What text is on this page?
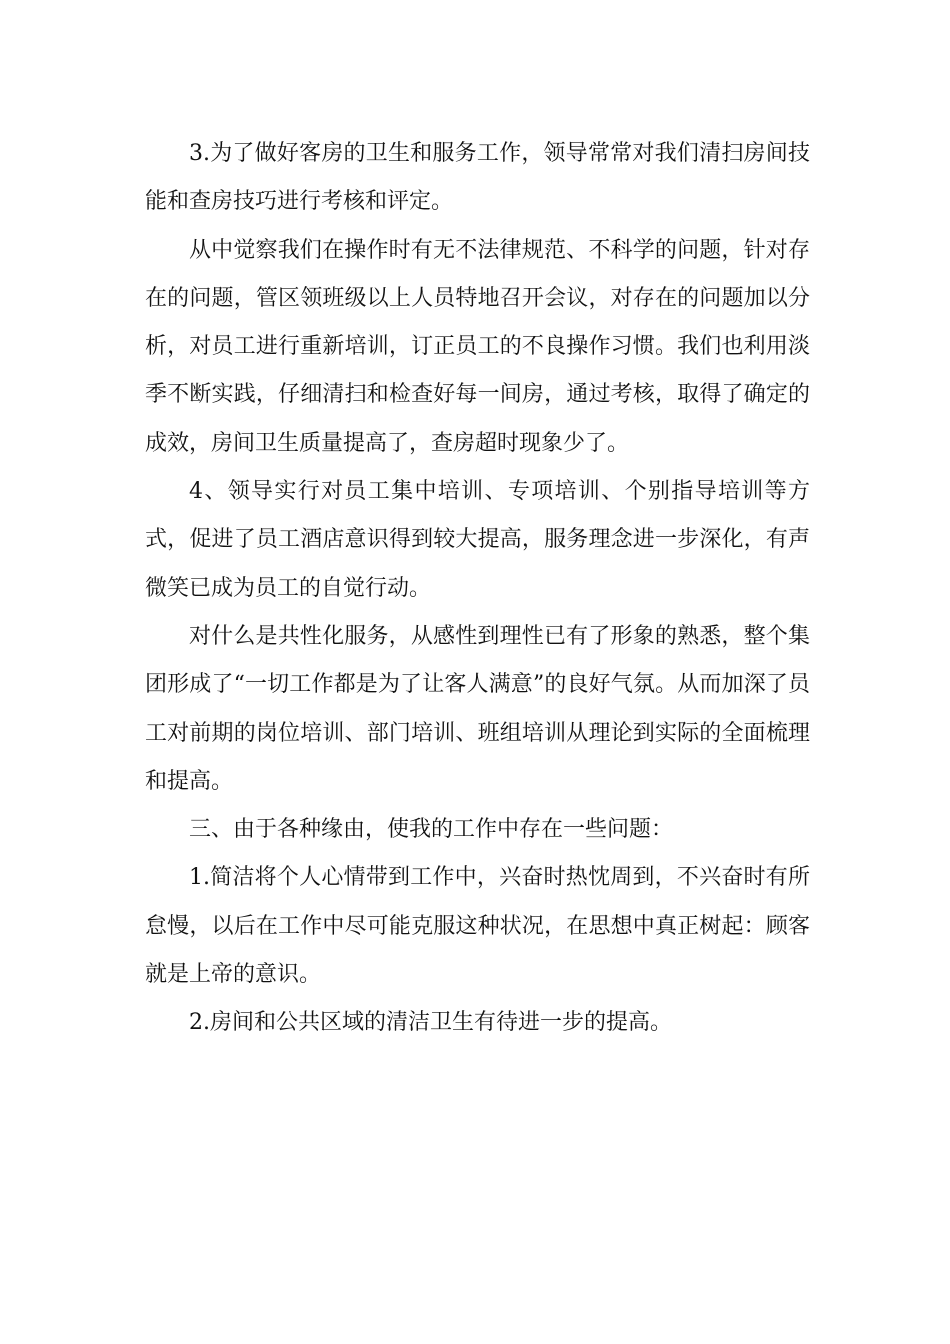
3.为了做好客房的卫生和服务工作，领导常常对我们清扫房间技能和查房技巧进行考核和评定。

从中觉察我们在操作时有无不法律规范、不科学的问题，针对存在的问题，管区领班级以上人员特地召开会议，对存在的问题加以分析，对员工进行重新培训，订正员工的不良操作习惯。我们也利用淡季不断实践，仔细清扫和检查好每一间房，通过考核，取得了确定的成效，房间卫生质量提高了，查房超时现象少了。

4、领导实行对员工集中培训、专项培训、个别指导培训等方式，促进了员工酒店意识得到较大提高，服务理念进一步深化，有声微笑已成为员工的自觉行动。

对什么是共性化服务，从感性到理性已有了形象的熟悉，整个集团形成了“一切工作都是为了让客人满意”的良好气氛。从而加深了员工对前期的岗位培训、部门培训、班组培训从理论到实际的全面梳理和提高。

三、由于各种缘由，使我的工作中存在一些问题：

1.简洁将个人心情带到工作中，兴奋时热忱周到，不兴奋时有所怠慢，以后在工作中尽可能克服这种状况，在思想中真正树起：顾客就是上帝的意识。

2.房间和公共区域的清洁卫生有待进一步的提高。
